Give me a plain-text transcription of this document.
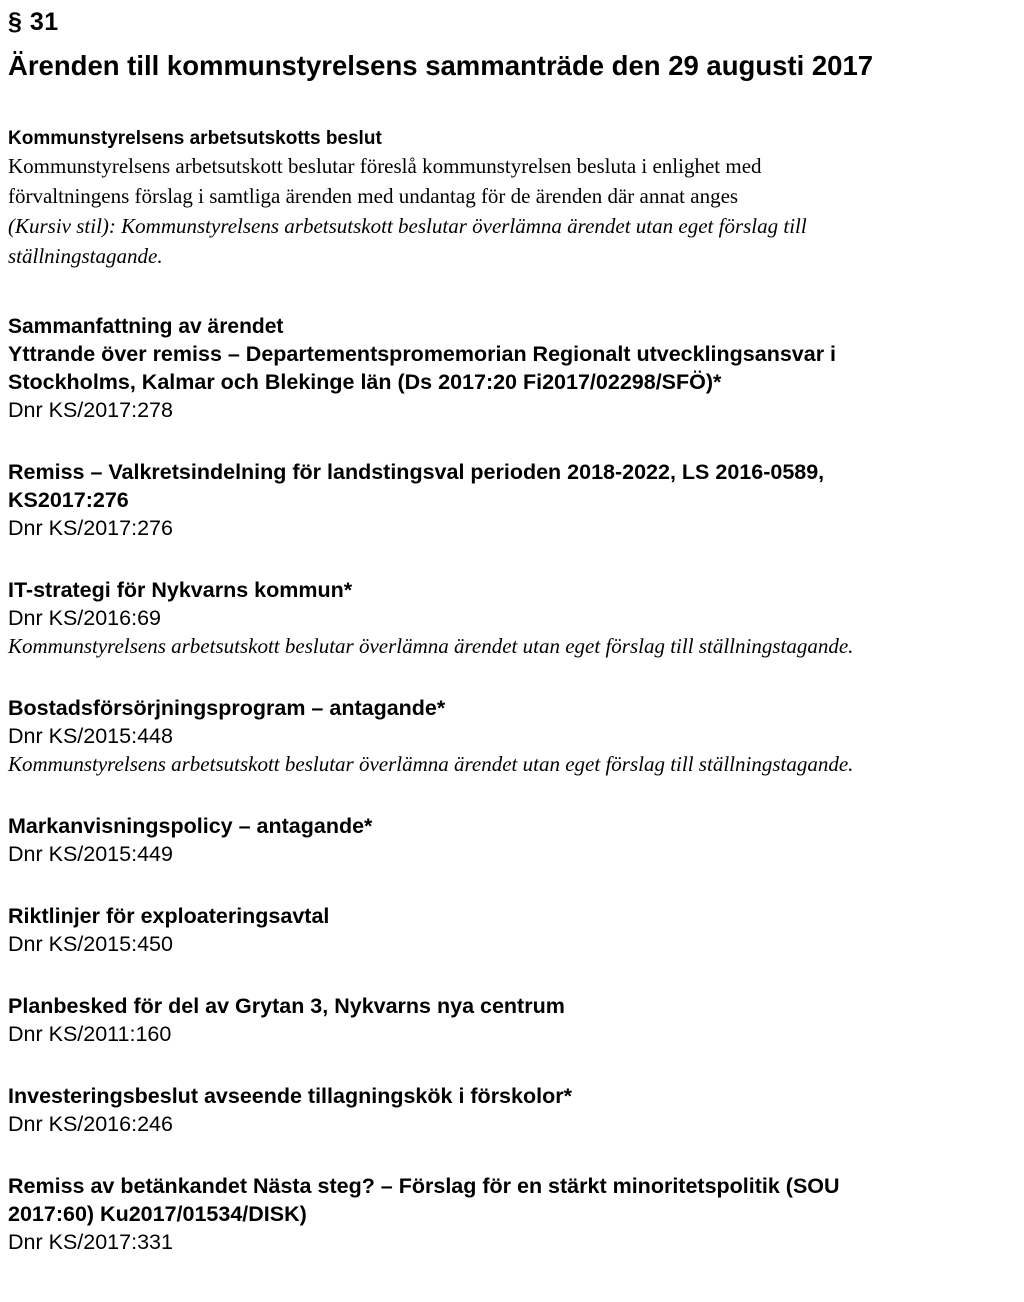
§ 31
Ärenden till kommunstyrelsens sammanträde den 29 augusti 2017

Kommunstyrelsens arbetsutskotts beslut

Kommunstyrelsens arbetsutskott beslutar föreslå kommunstyrelsen besluta i enlighet med

förvaltningens förslag i samtliga ärenden med undantag för de ärenden där annat anges

(Kursiv stil): Kommunstyrelsens arbetsutskott beslutar överlämna ärendet utan eget förslag till

ställningstagande.

Sammanfattning av ärendet

Yttrande över remiss – Departementspromemorian Regionalt utvecklingsansvar i

Stockholms, Kalmar och Blekinge län (Ds 2017:20 Fi2017/02298/SFÖ)*

Dnr KS/2017:278

Remiss – Valkretsindelning för landstingsval perioden 2018-2022, LS 2016-0589,

KS2017:276

Dnr KS/2017:276

IT-strategi för Nykvarns kommun*

Dnr KS/2016:69

Kommunstyrelsens arbetsutskott beslutar överlämna ärendet utan eget förslag till ställningstagande.

Bostadsförsörjningsprogram – antagande*

Dnr KS/2015:448

Kommunstyrelsens arbetsutskott beslutar överlämna ärendet utan eget förslag till ställningstagande.

Markanvisningspolicy – antagande*

Dnr KS/2015:449

Riktlinjer för exploateringsavtal

Dnr KS/2015:450

Planbesked för del av Grytan 3, Nykvarns nya centrum

Dnr KS/2011:160

Investeringsbeslut avseende tillagningskök i förskolor*

Dnr KS/2016:246

Remiss av betänkandet Nästa steg? – Förslag för en stärkt minoritetspolitik (SOU

2017:60) Ku2017/01534/DISK)

Dnr KS/2017:331
